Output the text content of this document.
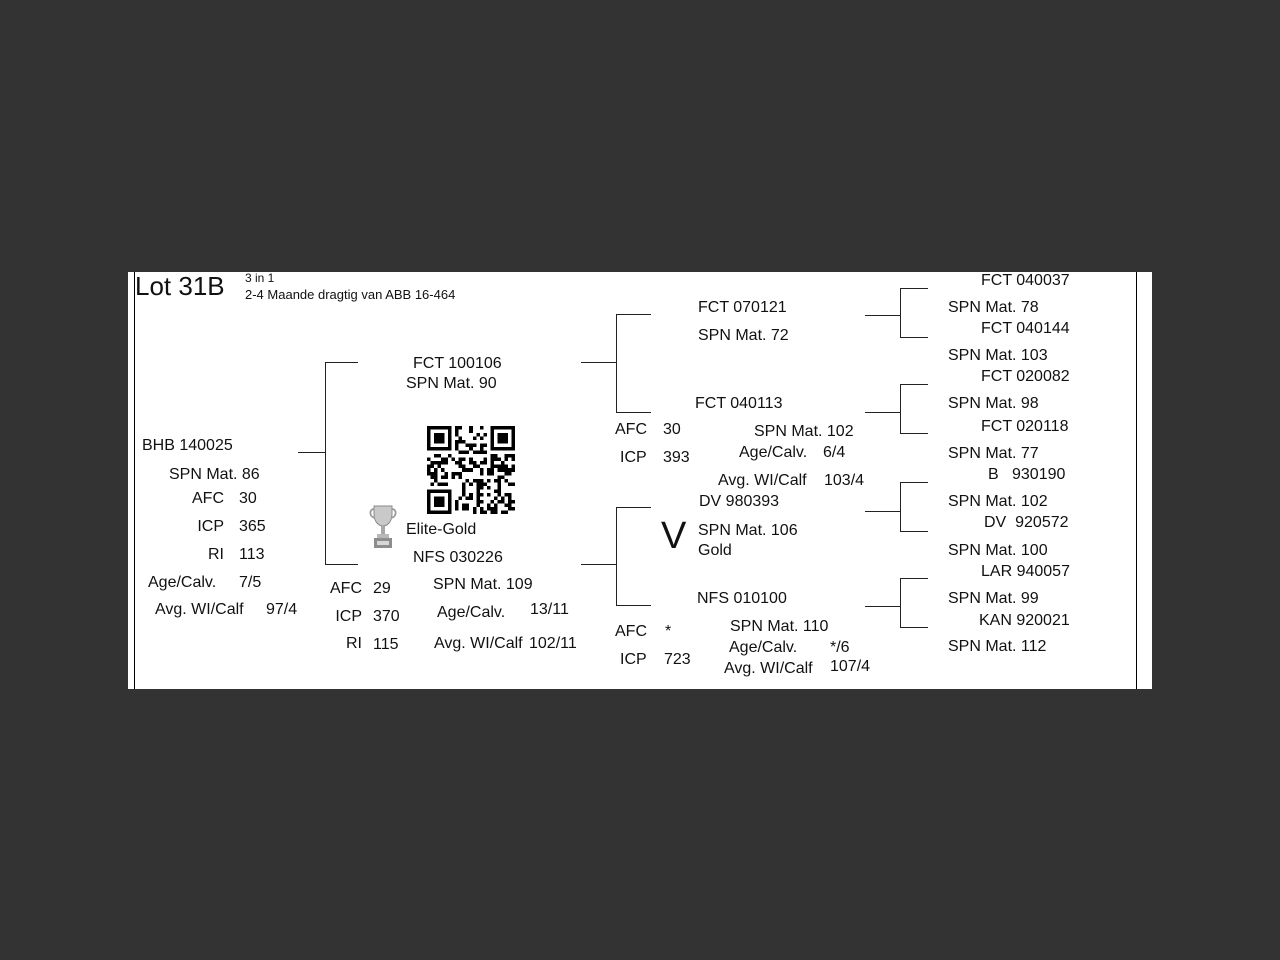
Lot 31B 3 in 1
2-4 Maande dragtig van ABB 16-464
BHB 140025
SPN Mat. 86
AFC 30
ICP 365
RI 113
Age/Calv. 7/5
Avg. WI/Calf 97/4
FCT 100106
SPN Mat. 90
Elite-Gold
NFS 030226
SPN Mat. 109
AFC 29
ICP 370
RI 115
Age/Calv. 13/11
Avg. WI/Calf 102/11
FCT 070121
SPN Mat. 72
FCT 040113
SPN Mat. 102
AFC 30
ICP 393	Age/Calv. 6/4
Avg. WI/Calf 103/4
V
DV 980393
SPN Mat. 106
Gold
NFS 010100
SPN Mat. 110
AFC *
ICP 723
Age/Calv. */6
Avg. WI/Calf 107/4
FCT 040037
SPN Mat. 78
FCT 040144
SPN Mat. 103
FCT 020082
SPN Mat. 98
FCT 020118
SPN Mat. 77
B   930190
SPN Mat. 102
DV  920572
SPN Mat. 100
LAR 940057
SPN Mat. 99
KAN 920021
SPN Mat. 112
